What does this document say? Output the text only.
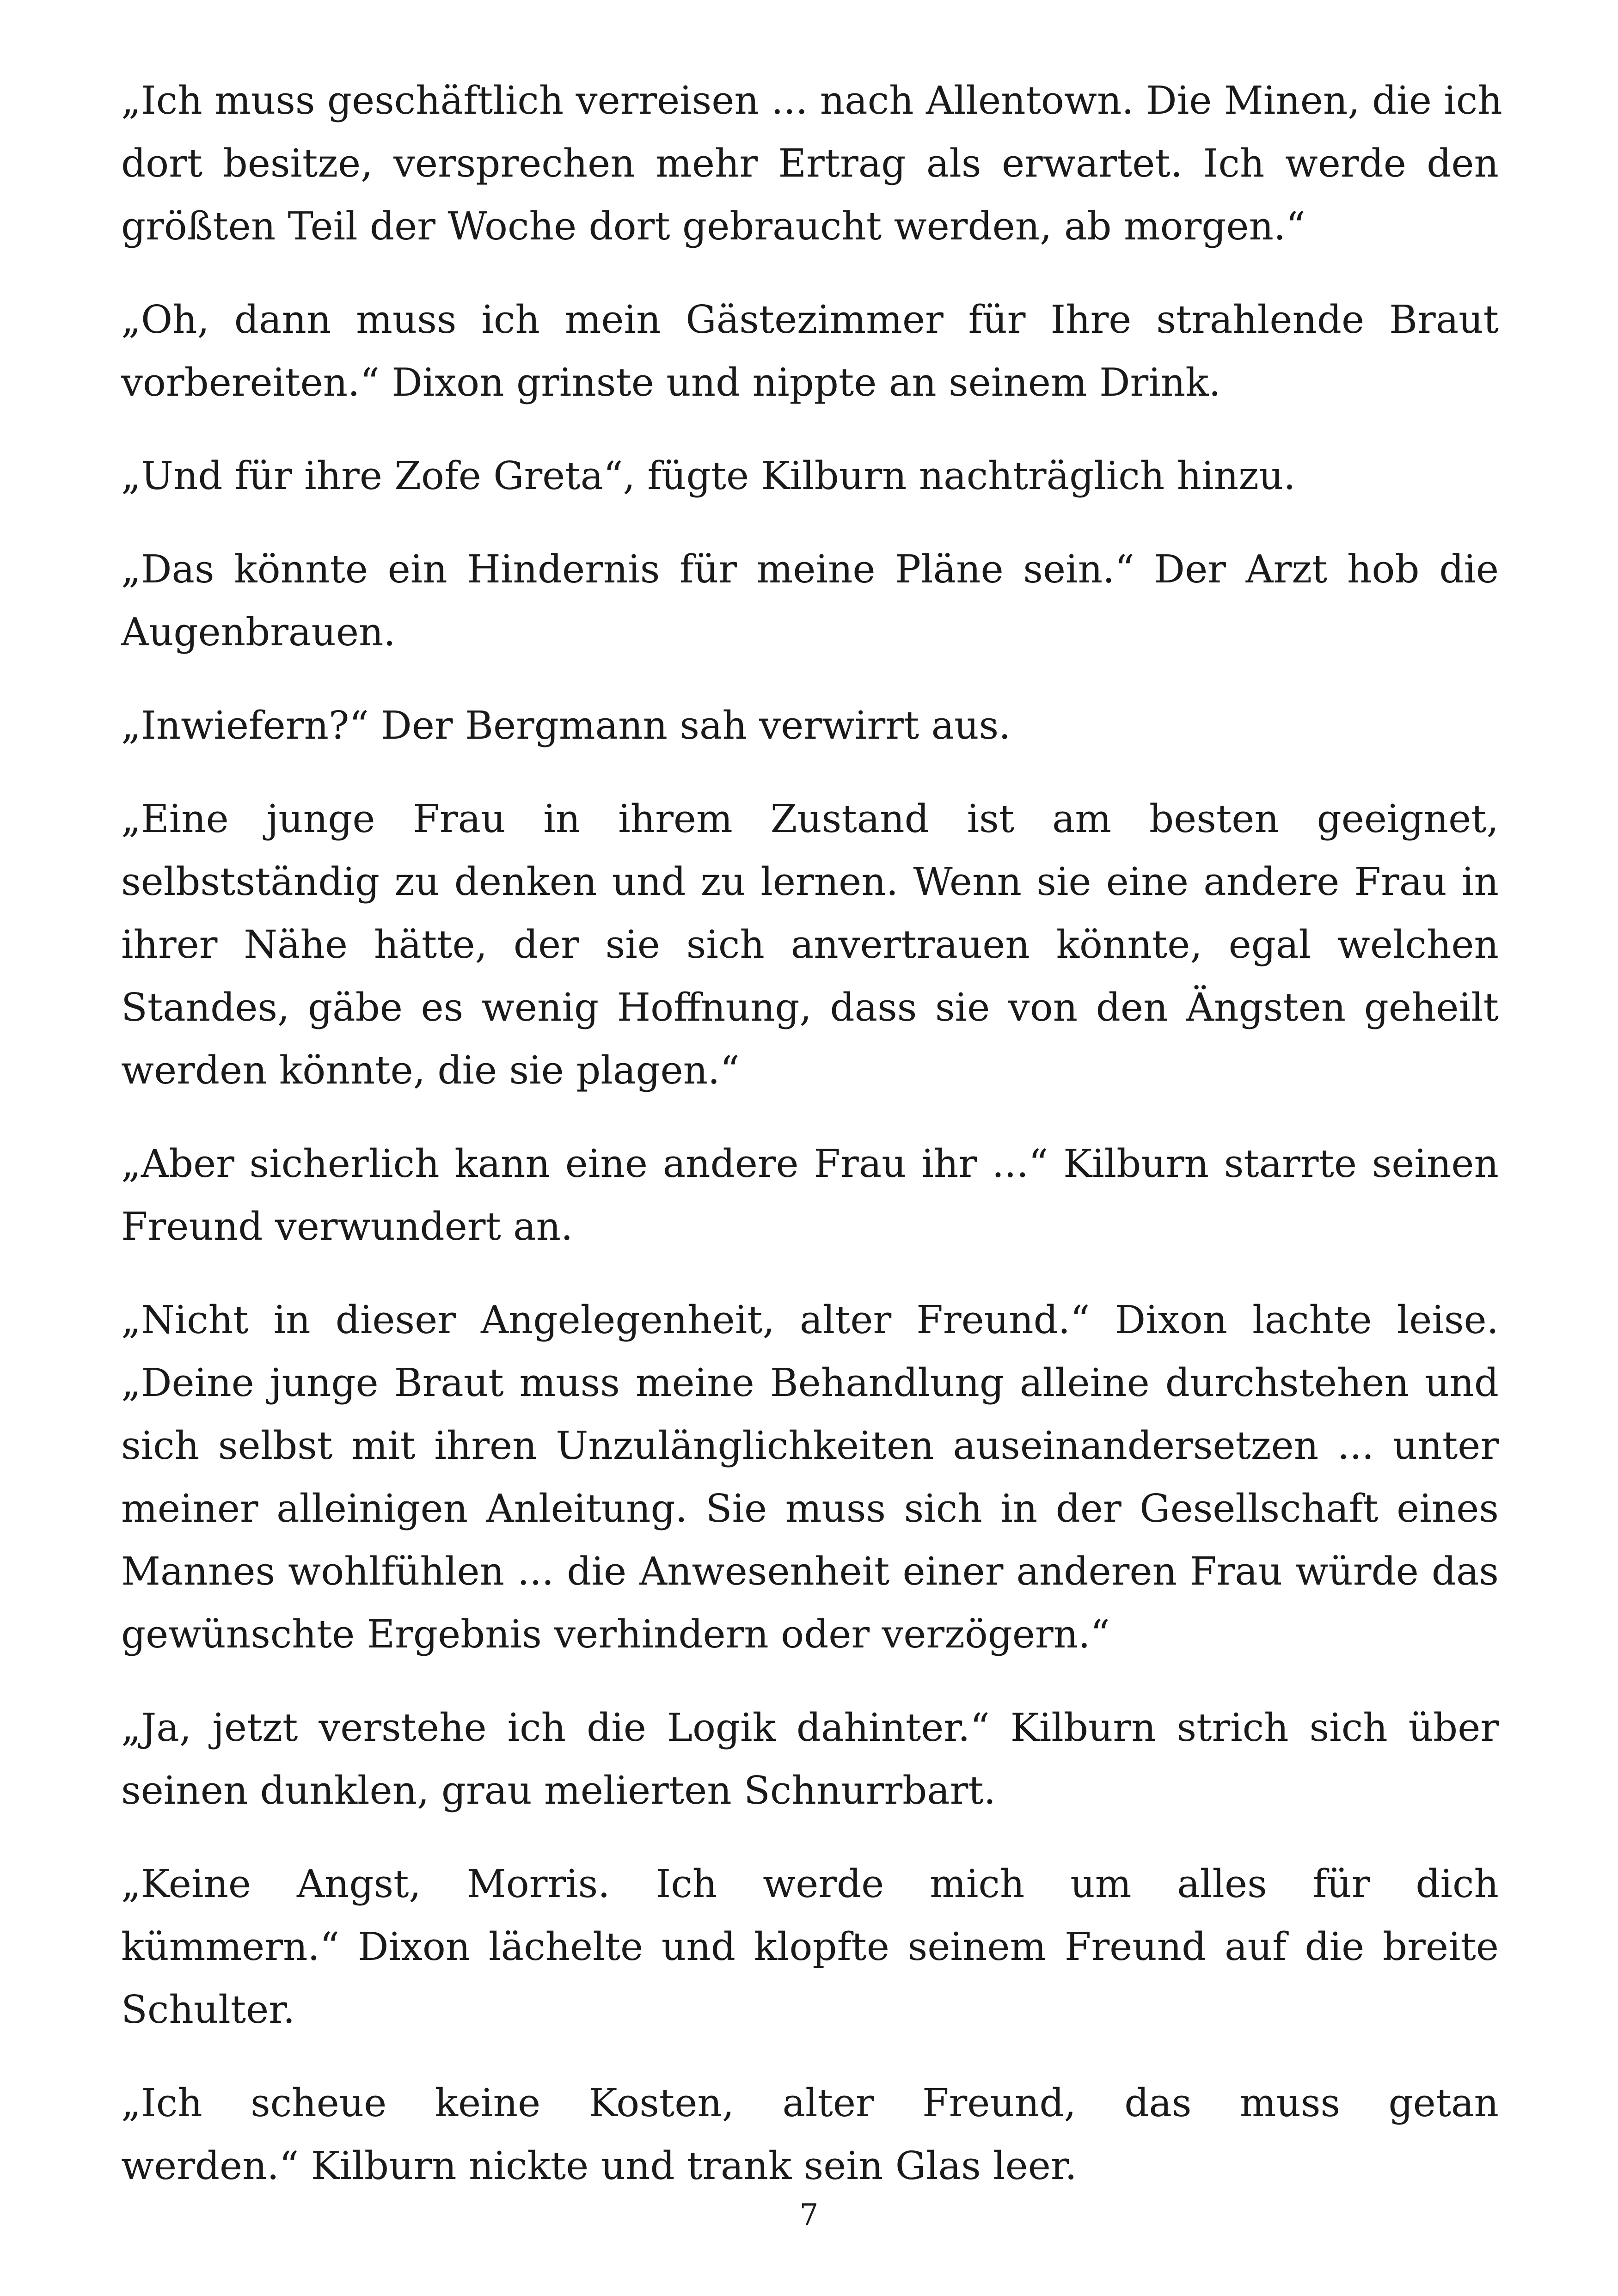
„Ich muss geschäftlich verreisen ... nach Allentown. Die Minen, die ich
dort besitze, versprechen mehr Ertrag als erwartet. Ich werde den
größten Teil der Woche dort gebraucht werden, ab morgen.“

„Oh, dann muss ich mein Gästezimmer für Ihre strahlende Braut
vorbereiten.“ Dixon grinste und nippte an seinem Drink.

„Und für ihre Zofe Greta“, fügte Kilburn nachträglich hinzu.

„Das könnte ein Hindernis für meine Pläne sein.“ Der Arzt hob die
Augenbrauen.

„Inwiefern?“ Der Bergmann sah verwirrt aus.

„Eine junge Frau in ihrem Zustand ist am besten geeignet,
selbstständig zu denken und zu lernen. Wenn sie eine andere Frau in
ihrer Nähe hätte, der sie sich anvertrauen könnte, egal welchen
Standes, gäbe es wenig Hoffnung, dass sie von den Ängsten geheilt
werden könnte, die sie plagen.“

„Aber sicherlich kann eine andere Frau ihr ...“ Kilburn starrte seinen
Freund verwundert an.

„Nicht in dieser Angelegenheit, alter Freund.“ Dixon lachte leise.
„Deine junge Braut muss meine Behandlung alleine durchstehen und
sich selbst mit ihren Unzulänglichkeiten auseinandersetzen ... unter
meiner alleinigen Anleitung. Sie muss sich in der Gesellschaft eines
Mannes wohlfühlen ... die Anwesenheit einer anderen Frau würde das
gewünschte Ergebnis verhindern oder verzögern.“

„Ja, jetzt verstehe ich die Logik dahinter.“ Kilburn strich sich über
seinen dunklen, grau melierten Schnurrbart.

„Keine Angst, Morris. Ich werde mich um alles für dich
kümmern.“ Dixon lächelte und klopfte seinem Freund auf die breite
Schulter.

„Ich scheue keine Kosten, alter Freund, das muss getan
werden.“ Kilburn nickte und trank sein Glas leer.

7
